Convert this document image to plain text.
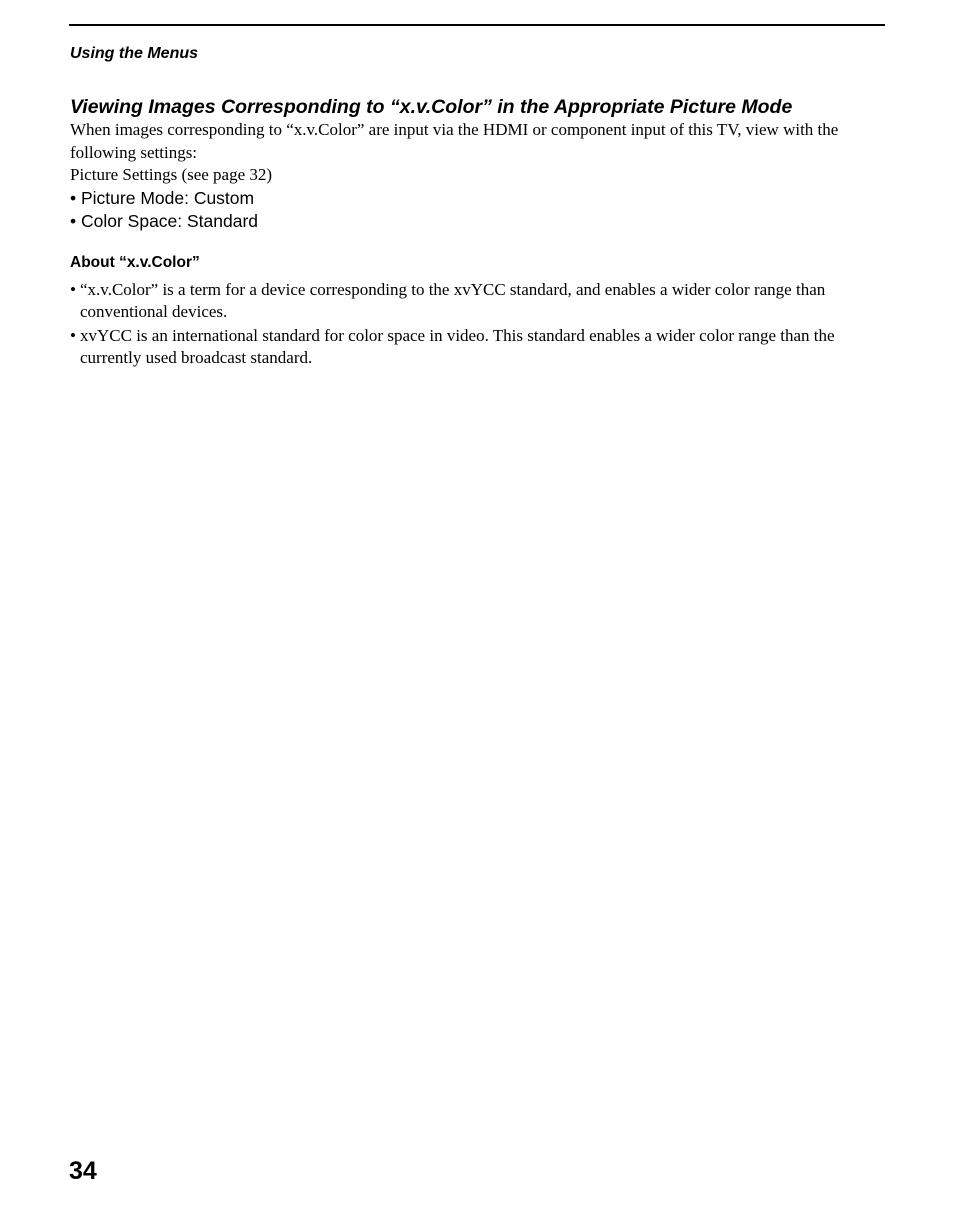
Using the Menus
Viewing Images Corresponding to “x.v.Color” in the Appropriate Picture Mode

When images corresponding to “x.v.Color” are input via the HDMI or component input of this TV, view with the following settings:

Picture Settings (see page 32)

• Picture Mode: Custom
• Color Space: Standard
About “x.v.Color”
• “x.v.Color” is a term for a device corresponding to the xvYCC standard, and enables a wider color range than conventional devices.
• xvYCC is an international standard for color space in video. This standard enables a wider color range than the currently used broadcast standard.
34
